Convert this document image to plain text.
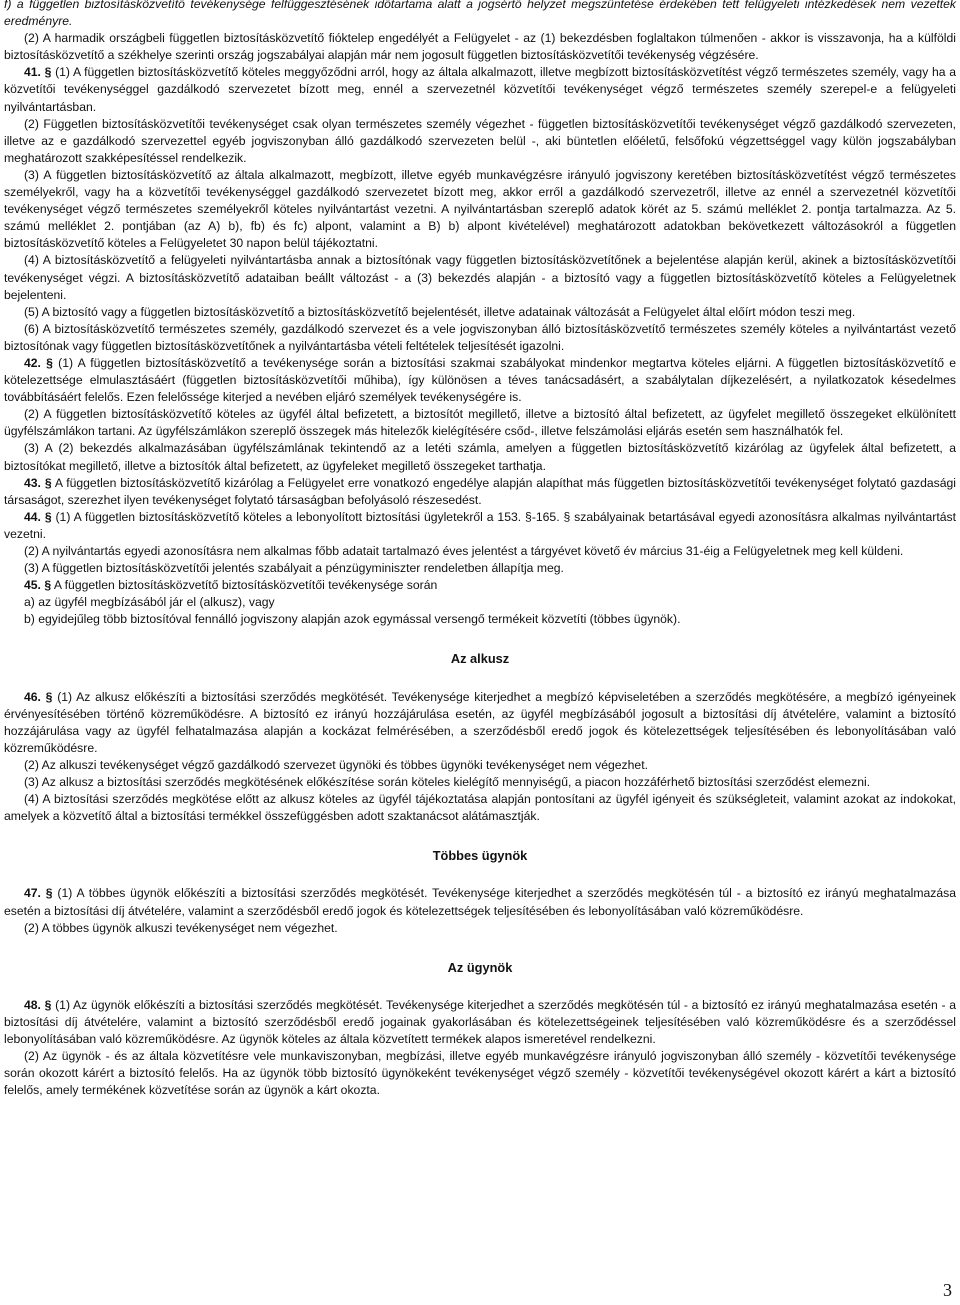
f) a független biztosításközvetítő tevékenysége felfüggesztésének időtartama alatt a jogsértő helyzet megszüntetése érdekében tett felügyeleti intézkedések nem vezettek eredményre.

(2) A harmadik országbeli független biztosításközvetítő fióktelep engedélyét a Felügyelet - az (1) bekezdésben foglaltakon túlmenően - akkor is visszavonja, ha a külföldi biztosításközvetítő a székhelye szerinti ország jogszabályai alapján már nem jogosult független biztosításközvetítői tevékenység végzésére.

41. § (1) A független biztosításközvetítő köteles meggyőződni arról, hogy az általa alkalmazott, illetve megbízott biztosításközvetítést végző természetes személy, vagy ha a közvetítői tevékenységgel gazdálkodó szervezetet bízott meg, ennél a szervezetnél közvetítői tevékenységet végző természetes személy szerepel-e a felügyeleti nyilvántartásban.

(2) Független biztosításközvetítői tevékenységet csak olyan természetes személy végezhet - független biztosításközvetítői tevékenységet végző gazdálkodó szervezeten, illetve az e gazdálkodó szervezettel egyéb jogviszonyban álló gazdálkodó szervezeten belül -, aki büntetlen előéletű, felsőfokú végzettséggel vagy külön jogszabályban meghatározott szakképesítéssel rendelkezik.

(3) A független biztosításközvetítő az általa alkalmazott, megbízott, illetve egyéb munkavégzésre irányuló jogviszony keretében biztosításközvetítést végző természetes személyekről, vagy ha a közvetítői tevékenységgel gazdálkodó szervezetet bízott meg, akkor erről a gazdálkodó szervezetről, illetve az ennél a szervezetnél közvetítői tevékenységet végző természetes személyekről köteles nyilvántartást vezetni. A nyilvántartásban szereplő adatok körét az 5. számú melléklet 2. pontja tartalmazza. Az 5. számú melléklet 2. pontjában (az A) b), fb) és fc) alpont, valamint a B) b) alpont kivételével) meghatározott adatokban bekövetkezett változásokról a független biztosításközvetítő köteles a Felügyeletet 30 napon belül tájékoztatni.

(4) A biztosításközvetítő a felügyeleti nyilvántartásba annak a biztosítónak vagy független biztosításközvetítőnek a bejelentése alapján kerül, akinek a biztosításközvetítői tevékenységet végzi. A biztosításközvetítő adataiban beállt változást - a (3) bekezdés alapján - a biztosító vagy a független biztosításközvetítő köteles a Felügyeletnek bejelenteni.

(5) A biztosító vagy a független biztosításközvetítő a biztosításközvetítő bejelentését, illetve adatainak változását a Felügyelet által előírt módon teszi meg.

(6) A biztosításközvetítő természetes személy, gazdálkodó szervezet és a vele jogviszonyban álló biztosításközvetítő természetes személy köteles a nyilvántartást vezető biztosítónak vagy független biztosításközvetítőnek a nyilvántartásba vételi feltételek teljesítését igazolni.

42. § (1) A független biztosításközvetítő a tevékenysége során a biztosítási szakmai szabályokat mindenkor megtartva köteles eljárni. A független biztosításközvetítő e kötelezettsége elmulasztásáért (független biztosításközvetítői műhiba), így különösen a téves tanácsadásért, a szabálytalan díjkezelésért, a nyilatkozatok késedelmes továbbításáért felelős. Ezen felelőssége kiterjed a nevében eljáró személyek tevékenységére is.

(2) A független biztosításközvetítő köteles az ügyfél által befizetett, a biztosítót megillető, illetve a biztosító által befizetett, az ügyfelet megillető összegeket elkülönített ügyfélszámlákon tartani. Az ügyfélszámlákon szereplő összegek más hitelezők kielégítésére csőd-, illetve felszámolási eljárás esetén sem használhatók fel.

(3) A (2) bekezdés alkalmazásában ügyfélszámlának tekintendő az a letéti számla, amelyen a független biztosításközvetítő kizárólag az ügyfelek által befizetett, a biztosítókat megillető, illetve a biztosítók által befizetett, az ügyfeleket megillető összegeket tarthatja.

43. § A független biztosításközvetítő kizárólag a Felügyelet erre vonatkozó engedélye alapján alapíthat más független biztosításközvetítői tevékenységet folytató gazdasági társaságot, szerezhet ilyen tevékenységet folytató társaságban befolyásoló részesedést.

44. § (1) A független biztosításközvetítő köteles a lebonyolított biztosítási ügyletekről a 153. §-165. § szabályainak betartásával egyedi azonosításra alkalmas nyilvántartást vezetni.

(2) A nyilvántartás egyedi azonosításra nem alkalmas főbb adatait tartalmazó éves jelentést a tárgyévet követő év március 31-éig a Felügyeletnek meg kell küldeni.

(3) A független biztosításközvetítői jelentés szabályait a pénzügyminiszter rendeletben állapítja meg.

45. § A független biztosításközvetítő biztosításközvetítői tevékenysége során

a) az ügyfél megbízásából jár el (alkusz), vagy

b) egyidejűleg több biztosítóval fennálló jogviszony alapján azok egymással versengő termékeit közvetíti (többes ügynök).

Az alkusz

46. § (1) Az alkusz előkészíti a biztosítási szerződés megkötését. Tevékenysége kiterjedhet a megbízó képviseletében a szerződés megkötésére, a megbízó igényeinek érvényesítésében történő közreműködésre. A biztosító ez irányú hozzájárulása esetén, az ügyfél megbízásából jogosult a biztosítási díj átvételére, valamint a biztosító hozzájárulása vagy az ügyfél felhatalmazása alapján a kockázat felmérésében, a szerződésből eredő jogok és kötelezettségek teljesítésében és lebonyolításában való közreműködésre.

(2) Az alkuszi tevékenységet végző gazdálkodó szervezet ügynöki és többes ügynöki tevékenységet nem végezhet.

(3) Az alkusz a biztosítási szerződés megkötésének előkészítése során köteles kielégítő mennyiségű, a piacon hozzáférhető biztosítási szerződést elemezni.

(4) A biztosítási szerződés megkötése előtt az alkusz köteles az ügyfél tájékoztatása alapján pontosítani az ügyfél igényeit és szükségleteit, valamint azokat az indokokat, amelyek a közvetítő által a biztosítási termékkel összefüggésben adott szaktanácsot alátámasztják.

Többes ügynök

47. § (1) A többes ügynök előkészíti a biztosítási szerződés megkötését. Tevékenysége kiterjedhet a szerződés megkötésén túl - a biztosító ez irányú meghatalmazása esetén a biztosítási díj átvételére, valamint a szerződésből eredő jogok és kötelezettségek teljesítésében és lebonyolításában való közreműködésre.

(2) A többes ügynök alkuszi tevékenységet nem végezhet.

Az ügynök

48. § (1) Az ügynök előkészíti a biztosítási szerződés megkötését. Tevékenysége kiterjedhet a szerződés megkötésén túl - a biztosító ez irányú meghatalmazása esetén - a biztosítási díj átvételére, valamint a biztosító szerződésből eredő jogainak gyakorlásában és kötelezettségeinek teljesítésében való közreműködésre és a szerződéssel lebonyolításában való közreműködésre. Az ügynök köteles az általa közvetített termékek alapos ismeretével rendelkezni.

(2) Az ügynök - és az általa közvetítésre vele munkaviszonyban, megbízási, illetve egyéb munkavégzésre irányuló jogviszonyban álló személy - közvetítői tevékenysége során okozott kárért a biztosító felelős. Ha az ügynök több biztosító ügynökeként tevékenységet végző személy - közvetítői tevékenységével okozott kárért a kárt a biztosító felelős, amely termékének közvetítése során az ügynök a kárt okozta.

3
